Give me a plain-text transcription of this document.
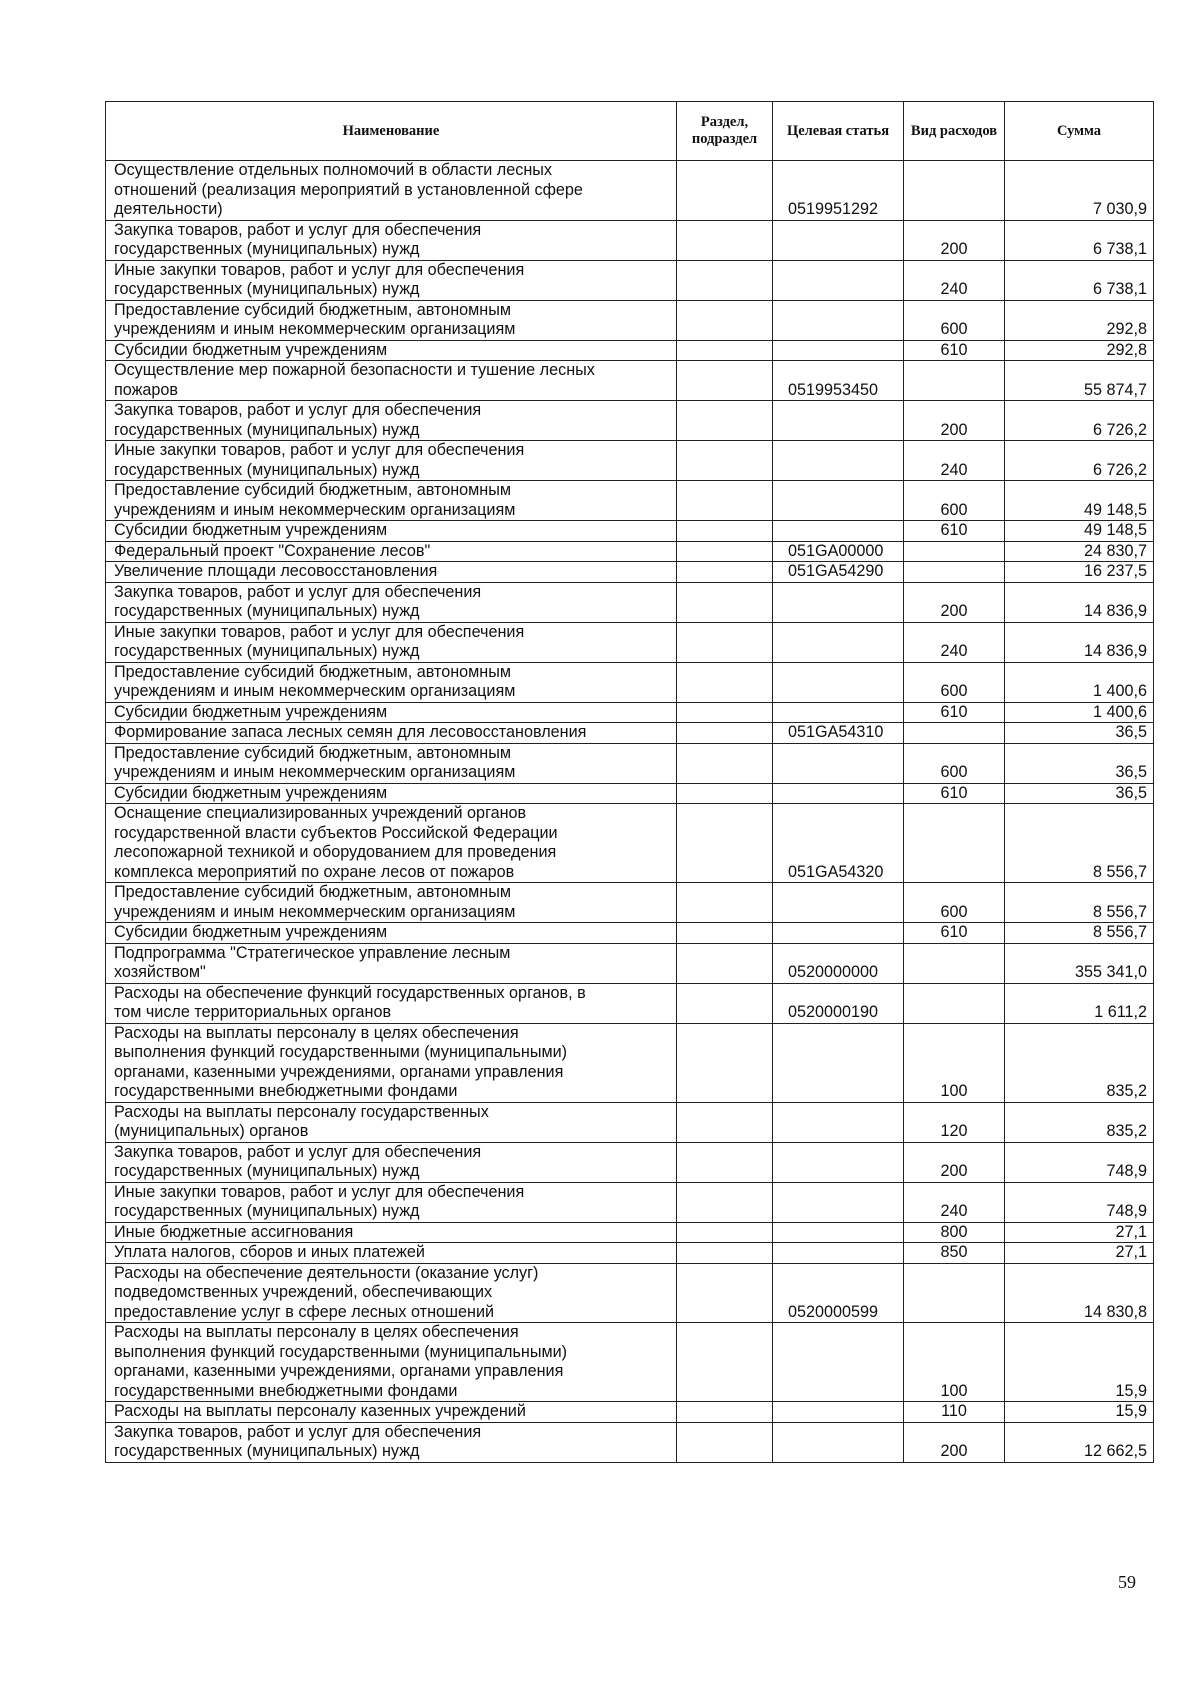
Наименование	Раздел, подраздел	Целевая статья	Вид расходов	Сумма
Осуществление отдельных полномочий в области лесных
отношений (реализация мероприятий в установленной сфере
деятельности)		0519951292		7 030,9
Закупка товаров, работ и услуг для обеспечения
государственных (муниципальных) нужд			200	6 738,1
Иные закупки товаров, работ и услуг для обеспечения
государственных (муниципальных) нужд			240	6 738,1
Предоставление субсидий бюджетным, автономным
учреждениям и иным некоммерческим организациям			600	292,8
Субсидии бюджетным учреждениям			610	292,8
Осуществление мер пожарной безопасности и тушение лесных
пожаров		0519953450		55 874,7
Закупка товаров, работ и услуг для обеспечения
государственных (муниципальных) нужд			200	6 726,2
Иные закупки товаров, работ и услуг для обеспечения
государственных (муниципальных) нужд			240	6 726,2
Предоставление субсидий бюджетным, автономным
учреждениям и иным некоммерческим организациям			600	49 148,5
Субсидии бюджетным учреждениям			610	49 148,5
Федеральный проект "Сохранение лесов"		051GA00000		24 830,7
Увеличение площади лесовосстановления		051GA54290		16 237,5
Закупка товаров, работ и услуг для обеспечения
государственных (муниципальных) нужд			200	14 836,9
Иные закупки товаров, работ и услуг для обеспечения
государственных (муниципальных) нужд			240	14 836,9
Предоставление субсидий бюджетным, автономным
учреждениям и иным некоммерческим организациям			600	1 400,6
Субсидии бюджетным учреждениям			610	1 400,6
Формирование запаса лесных семян для лесовосстановления		051GA54310		36,5
Предоставление субсидий бюджетным, автономным
учреждениям и иным некоммерческим организациям			600	36,5
Субсидии бюджетным учреждениям			610	36,5
Оснащение специализированных учреждений органов
государственной власти субъектов Российской Федерации
лесопожарной техникой и оборудованием для проведения
комплекса мероприятий по охране лесов от пожаров		051GA54320		8 556,7
Предоставление субсидий бюджетным, автономным
учреждениям и иным некоммерческим организациям			600	8 556,7
Субсидии бюджетным учреждениям			610	8 556,7
Подпрограмма "Стратегическое управление лесным
хозяйством"		0520000000		355 341,0
Расходы на обеспечение функций государственных органов, в
том числе территориальных органов		0520000190		1 611,2
Расходы на выплаты персоналу в целях обеспечения
выполнения функций государственными (муниципальными)
органами, казенными учреждениями, органами управления
государственными внебюджетными фондами			100	835,2
Расходы на выплаты персоналу государственных
(муниципальных) органов			120	835,2
Закупка товаров, работ и услуг для обеспечения
государственных (муниципальных) нужд			200	748,9
Иные закупки товаров, работ и услуг для обеспечения
государственных (муниципальных) нужд			240	748,9
Иные бюджетные ассигнования			800	27,1
Уплата налогов, сборов и иных платежей			850	27,1
Расходы на обеспечение деятельности (оказание услуг)
подведомственных учреждений, обеспечивающих
предоставление услуг в сфере лесных отношений		0520000599		14 830,8
Расходы на выплаты персоналу в целях обеспечения
выполнения функций государственными (муниципальными)
органами, казенными учреждениями, органами управления
государственными внебюджетными фондами			100	15,9
Расходы на выплаты персоналу казенных учреждений			110	15,9
Закупка товаров, работ и услуг для обеспечения
государственных (муниципальных) нужд			200	12 662,5
59
